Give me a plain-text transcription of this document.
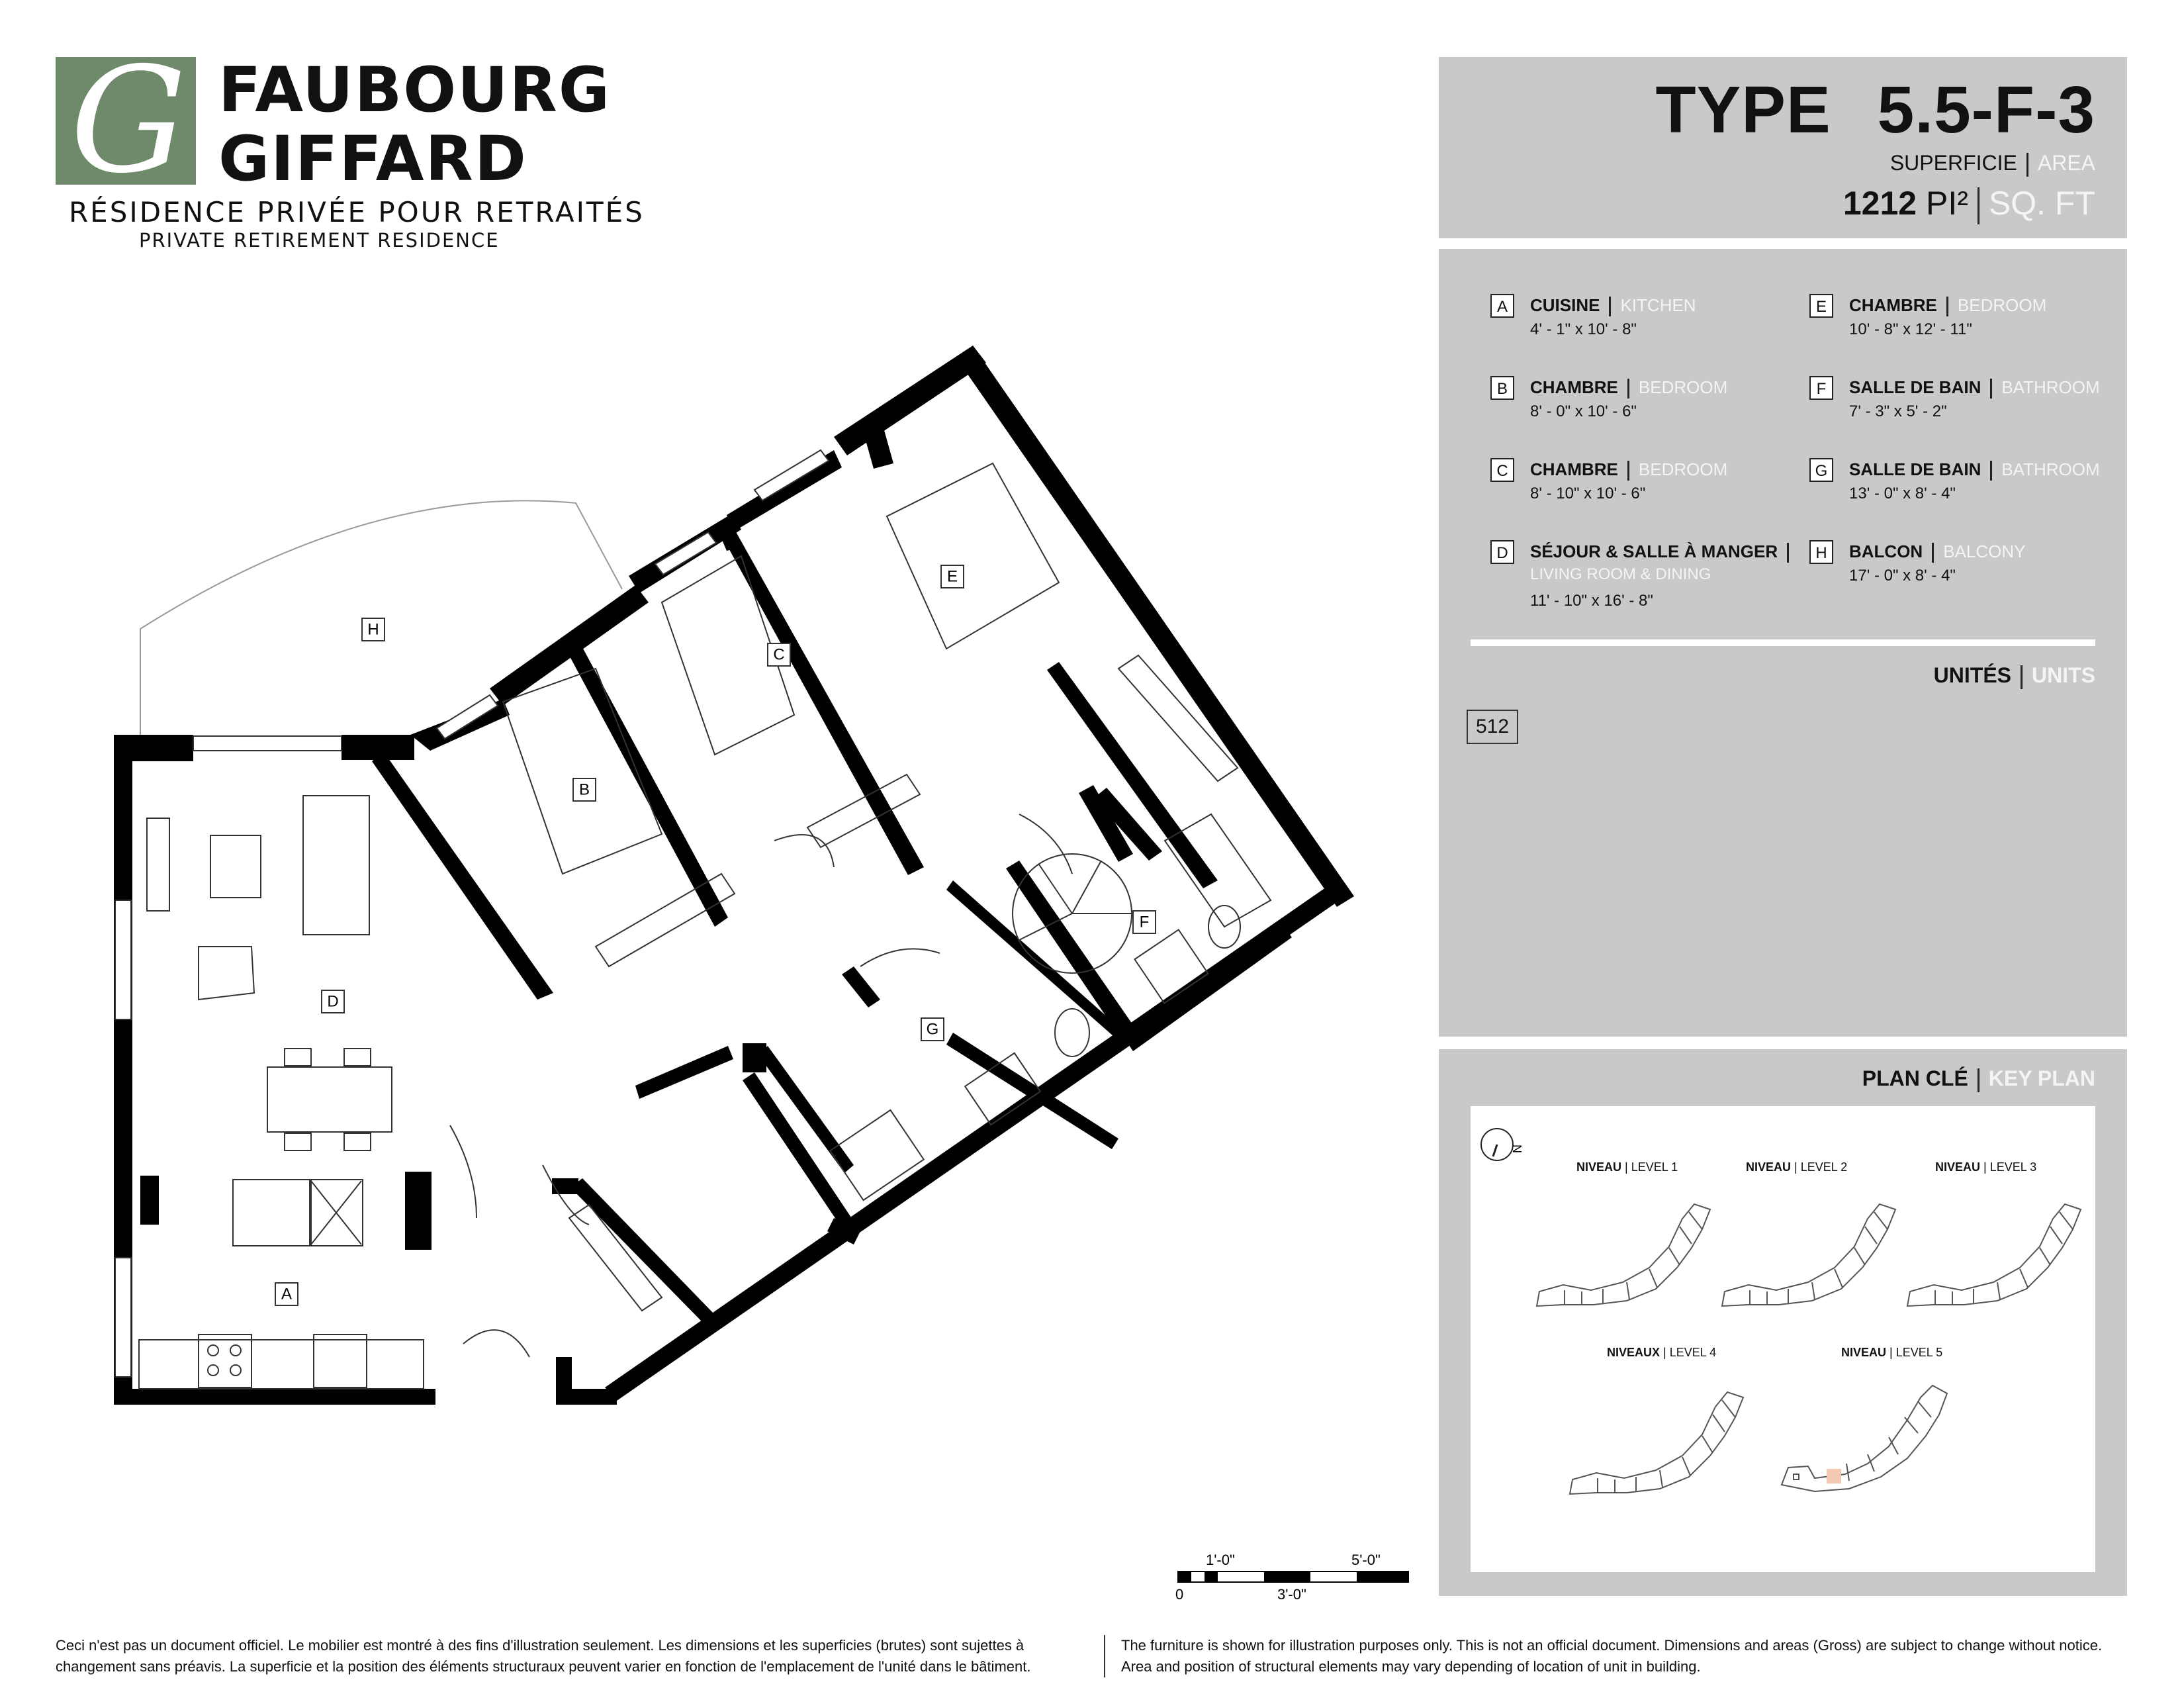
G FAUBOURG
GIFFARD
RÉSIDENCE PRIVÉE POUR RETRAITÉS
PRIVATE RETIREMENT RESIDENCE
TYPE 5.5-F-3
SUPERFICIE AREA
1212 PI² SQ. FT
A	CUISINE KITCHEN
4' - 1" x 10' - 8"
B	CHAMBRE BEDROOM
8' - 0" x 10' - 6"
C	CHAMBRE BEDROOM
8' - 10" x 10' - 6"
D	SÉJOUR & SALLE À MANGER
LIVING ROOM & DINING
11' - 10" x 16' - 8"
E	CHAMBRE BEDROOM
10' - 8" x 12' - 11"
F	SALLE DE BAIN BATHROOM
7' - 3" x 5' - 2"
G	SALLE DE BAIN BATHROOM
13' - 0" x 8' - 4"
H	BALCON BALCONY
17' - 0" x 8' - 4"
UNITÉS UNITS
512
PLAN CLÉ KEY PLAN
N
NIVEAU | LEVEL 1	NIVEAU | LEVEL 2	NIVEAU | LEVEL 3
NIVEAUX | LEVEL 4	NIVEAU | LEVEL 5
H
B
C
E
D
F
G
A
1'-0"	5'-0"
0	3'-0"
Ceci n'est pas un document officiel. Le mobilier est montré à des fins d'illustration seulement. Les dimensions et les superficies (brutes) sont sujettes à changement sans préavis. La superficie et la position des éléments structuraux peuvent varier en fonction de l'emplacement de l'unité dans le bâtiment.
The furniture is shown for illustration purposes only. This is not an official document. Dimensions and areas (Gross) are subject to change without notice. Area and position of structural elements may vary depending of location of unit in building.
